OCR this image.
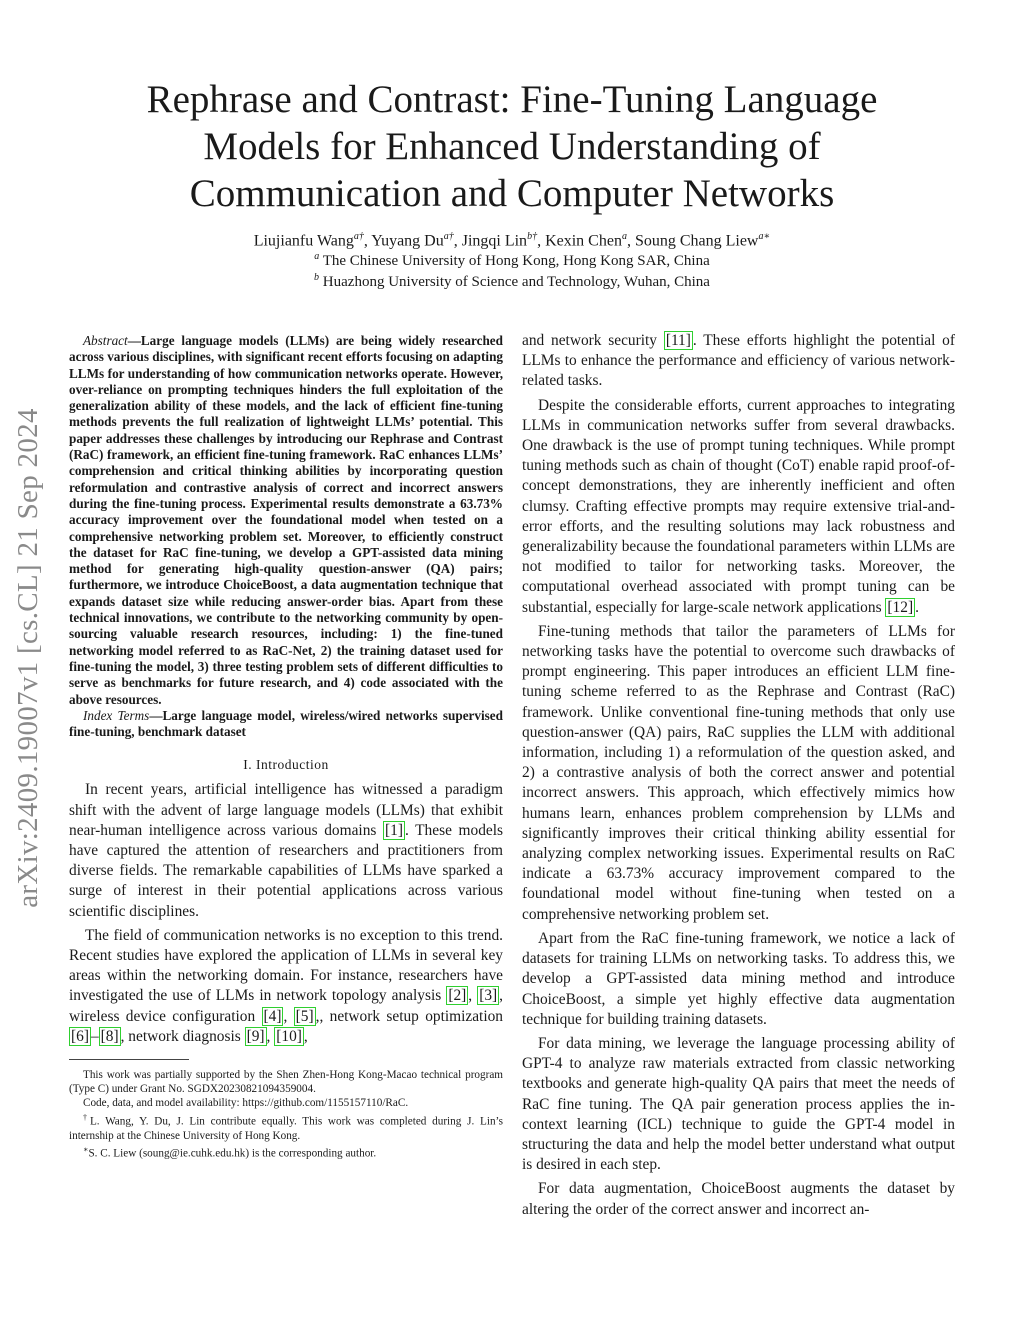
arXiv:2409.19007v1 [cs.CL] 21 Sep 2024
Rephrase and Contrast: Fine-Tuning Language Models for Enhanced Understanding of Communication and Computer Networks
Liujianfu Wang$^{a\dagger}$, Yuyang $Du^{a\dagger}$, Jingqi Lin$^{b\dagger}$, Kexin Chen$^a$, Soung Chang Liew$^{a∗}$
$^a$ The Chinese University of Hong Kong, Hong Kong SAR, China
$^b$ Huazhong University of Science and Technology, Wuhan, China

Abstract—Large language models (LLMs) are being widely researched across various disciplines, with significant recent efforts focusing on adapting LLMs for understanding of how communication networks operate. However, over-reliance on prompting techniques hinders the full exploitation of the generalization ability of these models, and the lack of efficient fine-tuning methods prevents the full realization of lightweight LLMs’ potential. This paper addresses these challenges by introducing our Rephrase and Contrast (RaC) framework, an efficient fine-tuning framework. RaC enhances LLMs’ comprehension and critical thinking abilities by incorporating question reformulation and contrastive analysis of correct and incorrect answers during the fine-tuning process. Experimental results demonstrate a 63.73% accuracy improvement over the foundational model when tested on a comprehensive networking problem set. Moreover, to efficiently construct the dataset for RaC fine-tuning, we develop a GPT-assisted data mining method for generating high-quality question-answer (QA) pairs; furthermore, we introduce ChoiceBoost, a data augmentation technique that expands dataset size while reducing answer-order bias. Apart from these technical innovations, we contribute to the networking community by open-sourcing valuable research resources, including: 1) the fine-tuned networking model referred to as RaC-Net, 2) the training dataset used for fine-tuning the model, 3) three testing problem sets of different difficulties to serve as benchmarks for future research, and 4) code associated with the above resources.

Index Terms—Large language model, wireless/wired networks supervised fine-tuning, benchmark dataset

I. Introduction

In recent years, artificial intelligence has witnessed a paradigm shift with the advent of large language models (LLMs) that exhibit near-human intelligence across various domains [1] . These models have captured the attention of researchers and practitioners from diverse fields. The remarkable capabilities of LLMs have sparked a surge of interest in their potential applications across various scientific disciplines.

The field of communication networks is no exception to this trend. Recent studies have explored the application of LLMs in several key areas within the networking domain. For instance, researchers have investigated the use of LLMs in network topology analysis [2] , [3] , wireless device configuration [4] , [5] ,, network setup optimization [6] – [8] , network diagnosis [9] , [10] ,

This work was partially supported by the Shen Zhen-Hong Kong-Macao technical program (Type C) under Grant No. SGDX20230821094359004.

Code, data, and model availability: https://github.com/1155157110/RaC.

†L. Wang, Y. Du, J. Lin contribute equally. This work was completed during J. Lin’s internship at the Chinese University of Hong Kong.

∗S. C. Liew (soung@ie.cuhk.edu.hk) is the corresponding author.

and network security [11] . These efforts highlight the potential of LLMs to enhance the performance and efficiency of various network-related tasks.

Despite the considerable efforts, current approaches to integrating LLMs in communication networks suffer from several drawbacks. One drawback is the use of prompt tuning techniques. While prompt tuning methods such as chain of thought (CoT) enable rapid proof-of-concept demonstrations, they are inherently inefficient and often clumsy. Crafting effective prompts may require extensive trial-and-error efforts, and the resulting solutions may lack robustness and generalizability because the foundational parameters within LLMs are not modified to tailor for networking tasks. Moreover, the computational overhead associated with prompt tuning can be substantial, especially for large-scale network applications [12] .

Fine-tuning methods that tailor the parameters of LLMs for networking tasks have the potential to overcome such drawbacks of prompt engineering. This paper introduces an efficient LLM fine-tuning scheme referred to as the Rephrase and Contrast (RaC) framework. Unlike conventional fine-tuning methods that only use question-answer (QA) pairs, RaC supplies the LLM with additional information, including 1) a reformulation of the question asked, and 2) a contrastive analysis of both the correct answer and potential incorrect answers. This approach, which effectively mimics how humans learn, enhances problem comprehension by LLMs and significantly improves their critical thinking ability essential for analyzing complex networking issues. Experimental results on RaC indicate a 63.73% accuracy improvement compared to the foundational model without fine-tuning when tested on a comprehensive networking problem set.

Apart from the RaC fine-tuning framework, we notice a lack of datasets for training LLMs on networking tasks. To address this, we develop a GPT-assisted data mining method and introduce ChoiceBoost, a simple yet highly effective data augmentation technique for building training datasets.

For data mining, we leverage the language processing ability of GPT-4 to analyze raw materials extracted from classic networking textbooks and generate high-quality QA pairs that meet the needs of RaC fine tuning. The QA pair generation process applies the in-context learning (ICL) technique to guide the GPT-4 model in structuring the data and help the model better understand what output is desired in each step.

For data augmentation, ChoiceBoost augments the dataset by altering the order of the correct answer and incorrect an-
